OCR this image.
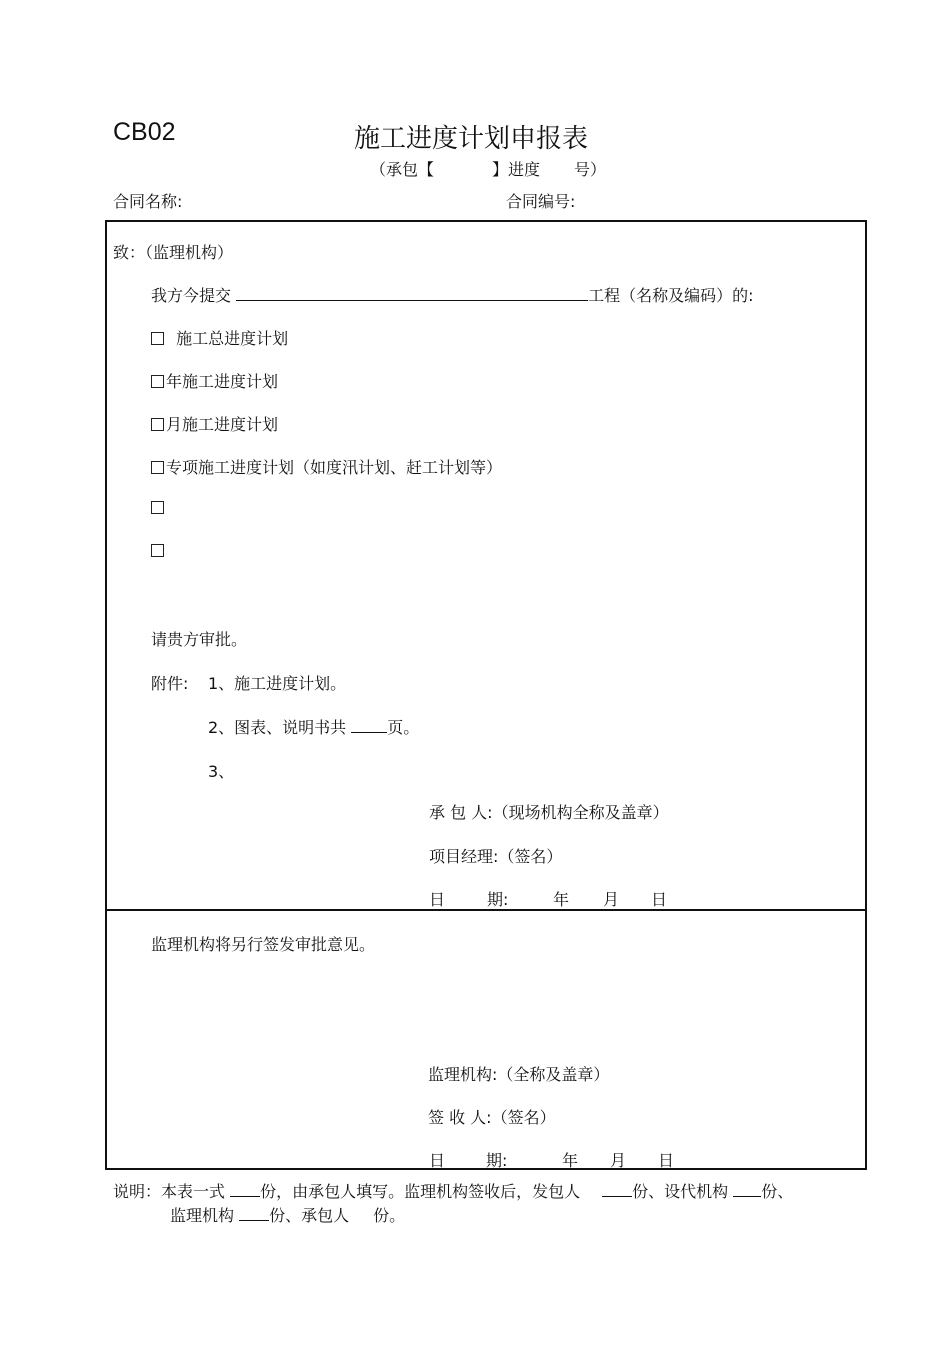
CB02	施工进度计划申报表
（承包【	】进度 号）
合同名称:	合同编号:
致：（监理机构）
我方今提交	工程（名称及编码）的:
施工总进度计划
年施工进度计划
月施工进度计划
专项施工进度计划（如度汛计划、赶工计划等）
请贵方审批。
附件: 1、施工进度计划。
2、图表、说明书共	页。
3、
承 包 人:（现场机构全称及盖章）
项目经理:（签名）
日	期:	年 月 日
监理机构将另行签发审批意见。
监理机构:（全称及盖章）
签 收 人:（签名）
日	期:	年 月 日
说明：本表一式 份，由承包人填写。监理机构签收后，发包人	份、设代机构 份、
监理机构 份、承包人 份。
